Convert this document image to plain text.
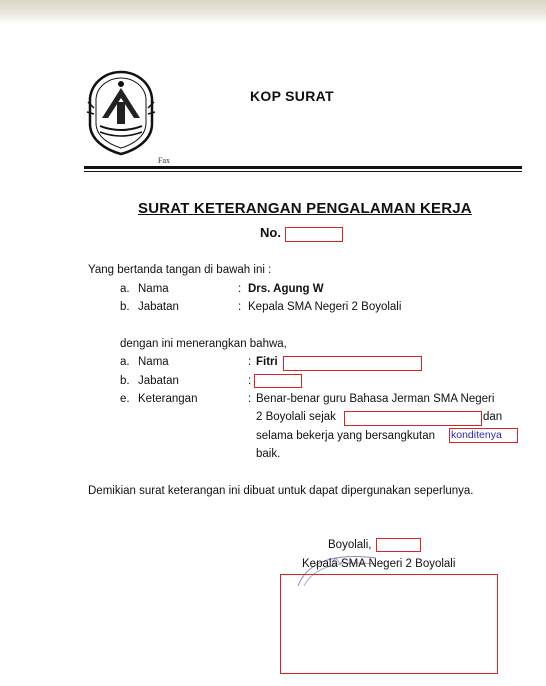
KOP SURAT
Fax
SURAT KETERANGAN PENGALAMAN KERJA
No.
Yang bertanda tangan di bawah ini :
a. Nama	: Drs. Agung W
b. Jabatan	: Kepala SMA Negeri 2 Boyolali
dengan ini menerangkan bahwa,
a. Nama	: Fitri
b. Jabatan	:
e. Keterangan	: Benar-benar guru Bahasa Jerman SMA Negeri
2 Boyolali sejak	dan
selama bekerja yang bersangkutan konditenya
baik.
Demikian surat keterangan ini dibuat untuk dapat dipergunakan seperlunya.
Boyolali,
Kepala SMA Negeri 2 Boyolali
